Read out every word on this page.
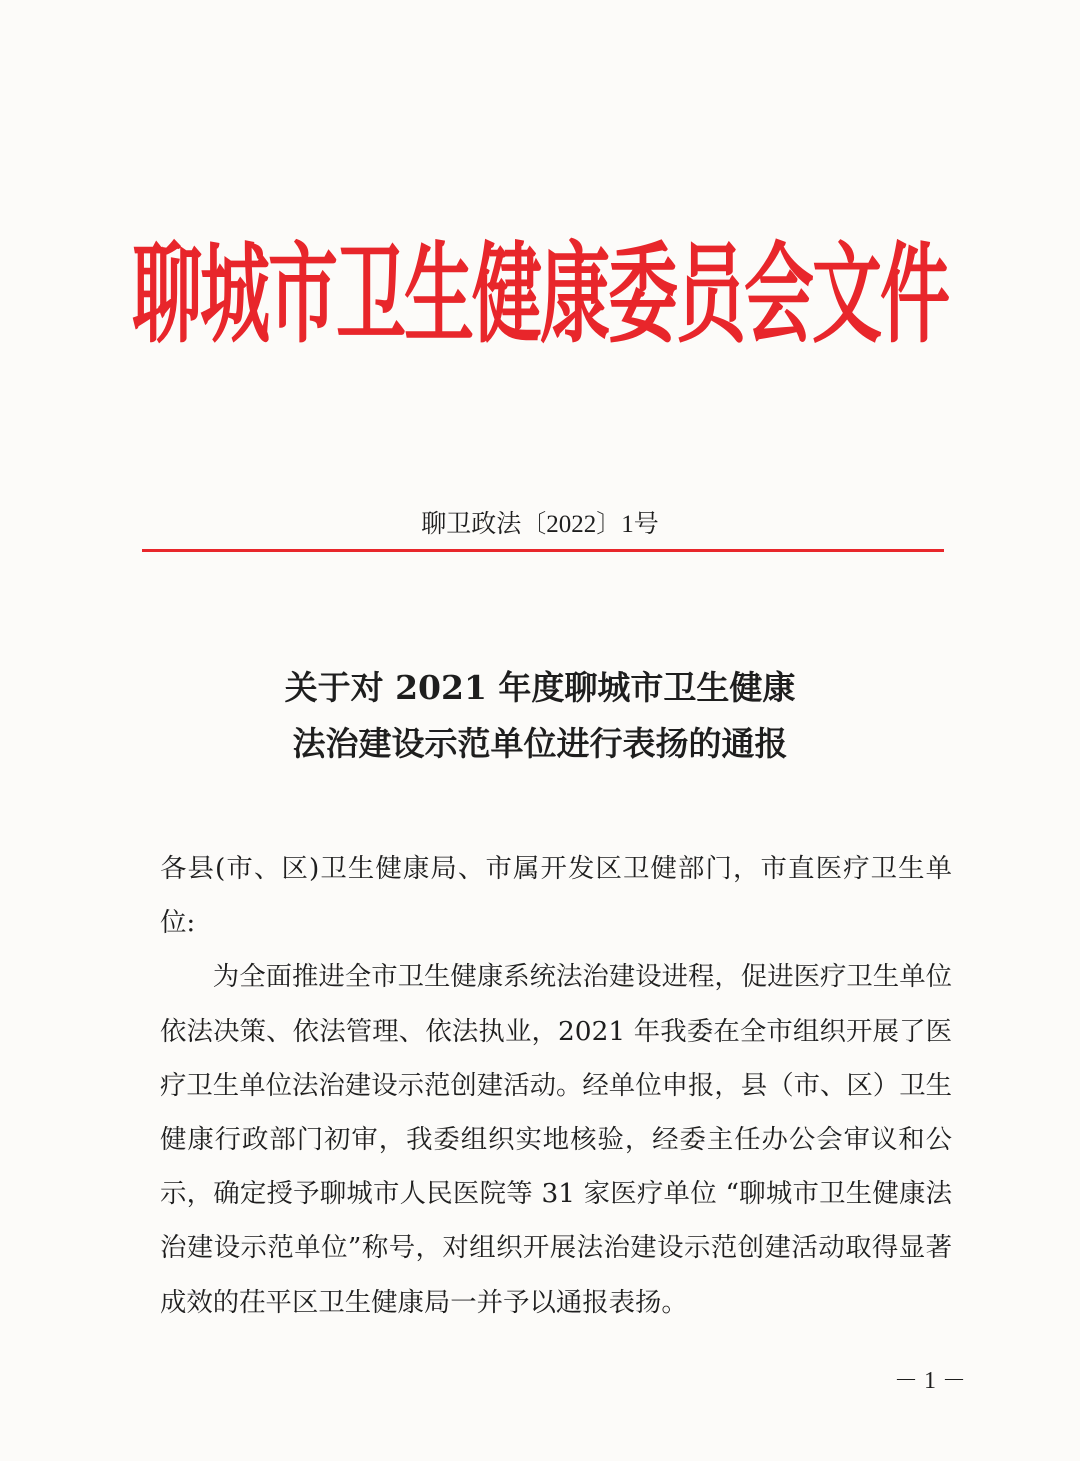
聊城市卫生健康委员会文件
聊卫政法〔2022〕1号
关于对 2021 年度聊城市卫生健康
法治建设示范单位进行表扬的通报

各县(市、区)卫生健康局、市属开发区卫健部门，市直医疗卫生单位:

为全面推进全市卫生健康系统法治建设进程，促进医疗卫生单位依法决策、依法管理、依法执业，2021 年我委在全市组织开展了医疗卫生单位法治建设示范创建活动。经单位申报，县（市、区）卫生健康行政部门初审，我委组织实地核验，经委主任办公会审议和公示，确定授予聊城市人民医院等 31 家医疗单位 “聊城市卫生健康法治建设示范单位”称号，对组织开展法治建设示范创建活动取得显著成效的茌平区卫生健康局一并予以通报表扬。

－ 1 －
